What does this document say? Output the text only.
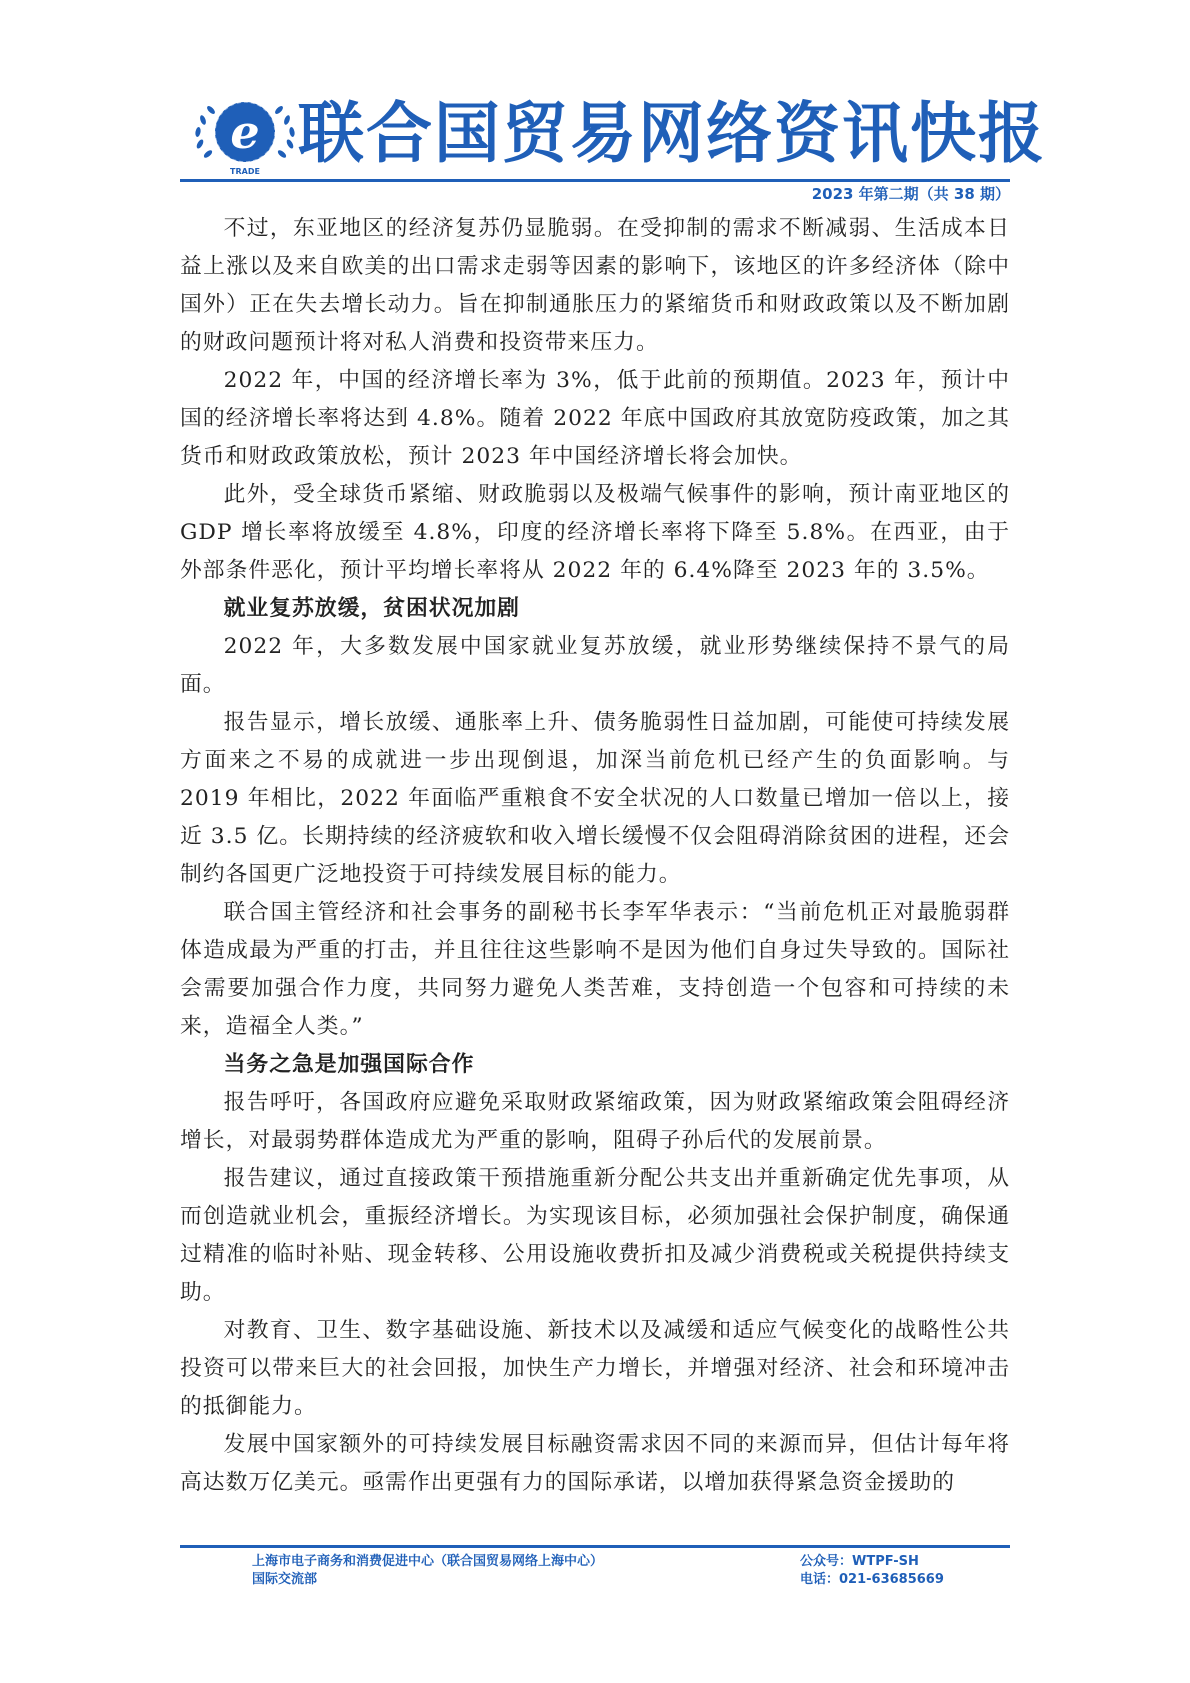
e
TRADE 联合国贸易网络资讯快报
2023 年第二期（共 38 期）

不过，东亚地区的经济复苏仍显脆弱。在受抑制的需求不断减弱、生活成本日益上涨以及来自欧美的出口需求走弱等因素的影响下，该地区的许多经济体（除中国外）正在失去增长动力。旨在抑制通胀压力的紧缩货币和财政政策以及不断加剧的财政问题预计将对私人消费和投资带来压力。

2022 年，中国的经济增长率为 3%，低于此前的预期值。2023 年，预计中国的经济增长率将达到 4.8%。随着 2022 年底中国政府其放宽防疫政策，加之其货币和财政政策放松，预计 2023 年中国经济增长将会加快。

此外，受全球货币紧缩、财政脆弱以及极端气候事件的影响，预计南亚地区的 GDP 增长率将放缓至 4.8%，印度的经济增长率将下降至 5.8%。在西亚，由于外部条件恶化，预计平均增长率将从 2022 年的 6.4%降至 2023 年的 3.5%。

就业复苏放缓，贫困状况加剧

2022 年，大多数发展中国家就业复苏放缓，就业形势继续保持不景气的局面。

报告显示，增长放缓、通胀率上升、债务脆弱性日益加剧，可能使可持续发展方面来之不易的成就进一步出现倒退，加深当前危机已经产生的负面影响。与 2019 年相比，2022 年面临严重粮食不安全状况的人口数量已增加一倍以上，接近 3.5 亿。长期持续的经济疲软和收入增长缓慢不仅会阻碍消除贫困的进程，还会制约各国更广泛地投资于可持续发展目标的能力。

联合国主管经济和社会事务的副秘书长李军华表示：“当前危机正对最脆弱群体造成最为严重的打击，并且往往这些影响不是因为他们自身过失导致的。国际社会需要加强合作力度，共同努力避免人类苦难，支持创造一个包容和可持续的未来，造福全人类。”

当务之急是加强国际合作

报告呼吁，各国政府应避免采取财政紧缩政策，因为财政紧缩政策会阻碍经济增长，对最弱势群体造成尤为严重的影响，阻碍子孙后代的发展前景。

报告建议，通过直接政策干预措施重新分配公共支出并重新确定优先事项，从而创造就业机会，重振经济增长。为实现该目标，必须加强社会保护制度，确保通过精准的临时补贴、现金转移、公用设施收费折扣及减少消费税或关税提供持续支助。

对教育、卫生、数字基础设施、新技术以及减缓和适应气候变化的战略性公共投资可以带来巨大的社会回报，加快生产力增长，并增强对经济、社会和环境冲击的抵御能力。

发展中国家额外的可持续发展目标融资需求因不同的来源而异，但估计每年将高达数万亿美元。亟需作出更强有力的国际承诺，以增加获得紧急资金援助的

上海市电子商务和消费促进中心（联合国贸易网络上海中心）
国际交流部
公众号：WTPF-SH
电话：021-63685669
